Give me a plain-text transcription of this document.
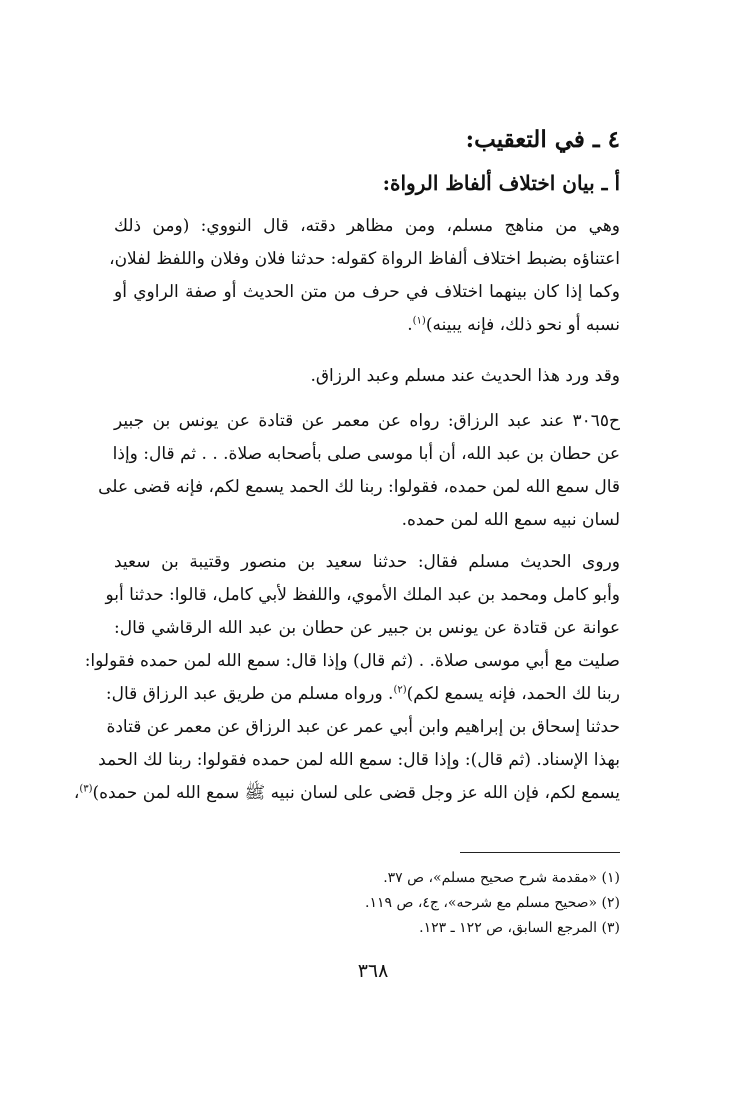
٤ ـ في التعقيب:
أ ـ بيان اختلاف ألفاظ الرواة:

وهي من مناهج مسلم، ومن مظاهر دقته، قال النووي: (ومن ذلك
اعتناؤه بضبط اختلاف ألفاظ الرواة كقوله: حدثنا فلان وفلان واللفظ لفلان،
وكما إذا كان بينهما اختلاف في حرف من متن الحديث أو صفة الراوي أو
نسبه أو نحو ذلك، فإنه يبينه)$^{(١)}$.

وقد ورد هذا الحديث عند مسلم وعبد الرزاق.

ح٣٠٦٥ عند عبد الرزاق: رواه عن معمر عن قتادة عن يونس بن جبير
عن حطان بن عبد الله، أن أبا موسى صلى بأصحابه صلاة. . . ثم قال: وإذا
قال سمع الله لمن حمده، فقولوا: ربنا لك الحمد يسمع لكم، فإنه قضى على
لسان نبيه سمع الله لمن حمده.

وروى الحديث مسلم فقال: حدثنا سعيد بن منصور وقتيبة بن سعيد
وأبو كامل ومحمد بن عبد الملك الأموي، واللفظ لأبي كامل، قالوا: حدثنا أبو
عوانة عن قتادة عن يونس بن جبير عن حطان بن عبد الله الرقاشي قال:
صليت مع أبي موسى صلاة. . (ثم قال) وإذا قال: سمع الله لمن حمده فقولوا:
ربنا لك الحمد، فإنه يسمع لكم)$^{(٢)}$. ورواه مسلم من طريق عبد الرزاق قال:
حدثنا إسحاق بن إبراهيم وابن أبي عمر عن عبد الرزاق عن معمر عن قتادة
بهذا الإسناد. (ثم قال): وإذا قال: سمع الله لمن حمده فقولوا: ربنا لك الحمد
يسمع لكم، فإن الله عز وجل قضى على لسان نبيه ﷺ سمع الله لمن حمده)$^{(٣)}$،

(١) «مقدمة شرح صحيح مسلم»، ص ٣٧.
(٢) «صحيح مسلم مع شرحه»، ج٤، ص ١١٩.
(٣) المرجع السابق، ص ١٢٢ ـ ١٢٣.
٣٦٨
